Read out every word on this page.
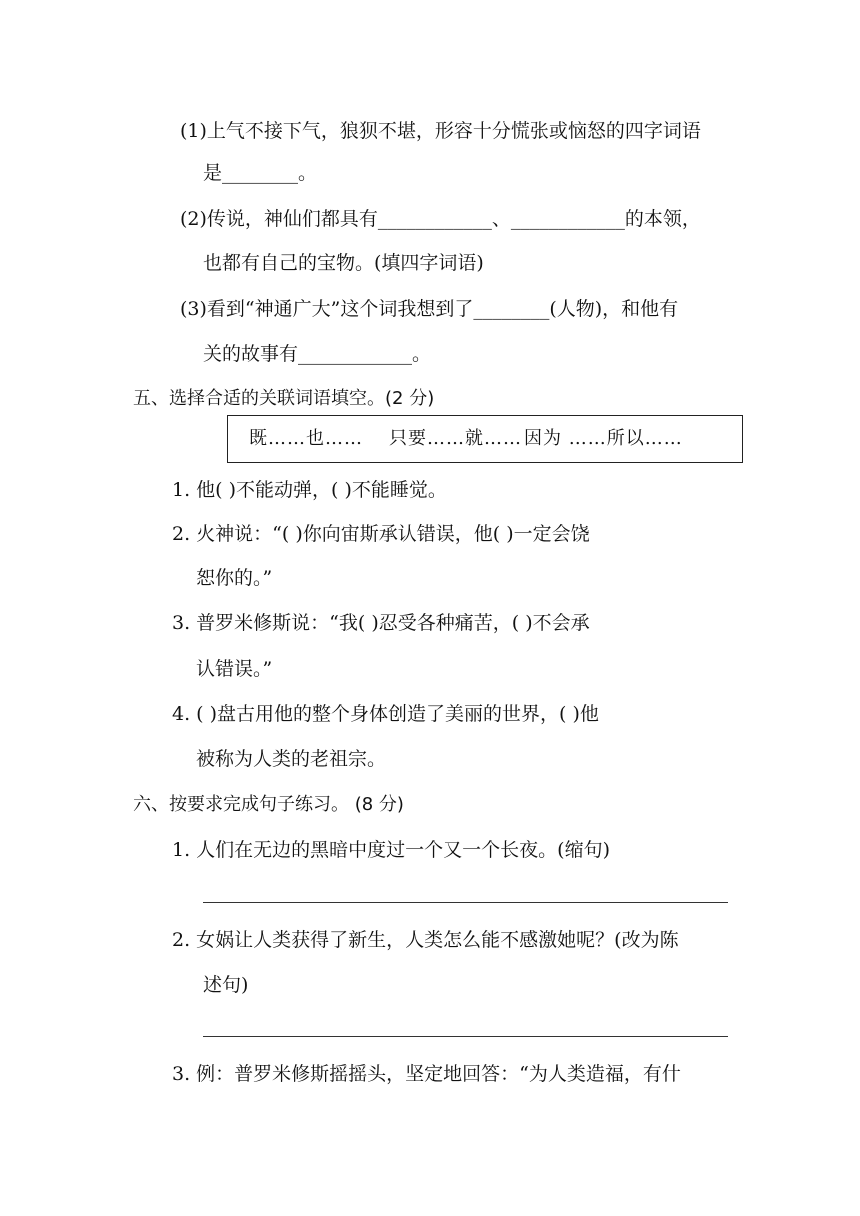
(1)上气不接下气，狼狈不堪，形容十分慌张或恼怒的四字词语
是________。
(2)传说，神仙们都具有____________、____________的本领，
也都有自己的宝物。(填四字词语)
(3)看到“神通广大”这个词我想到了________(人物)，和他有
关的故事有____________。
五、选择合适的关联词语填空。(2 分)
既……也…… 只要……就…… 因为 ……所以……
1. 他( )不能动弹，( )不能睡觉。
2. 火神说：“( )你向宙斯承认错误，他( )一定会饶
恕你的。”
3. 普罗米修斯说：“我( )忍受各种痛苦，( )不会承
认错误。”
4. ( )盘古用他的整个身体创造了美丽的世界，( )他
被称为人类的老祖宗。
六、按要求完成句子练习。 (8 分)
1. 人们在无边的黑暗中度过一个又一个长夜。(缩句)
2. 女娲让人类获得了新生，人类怎么能不感激她呢？(改为陈
述句)
3. 例：普罗米修斯摇摇头，坚定地回答：“为人类造福，有什
